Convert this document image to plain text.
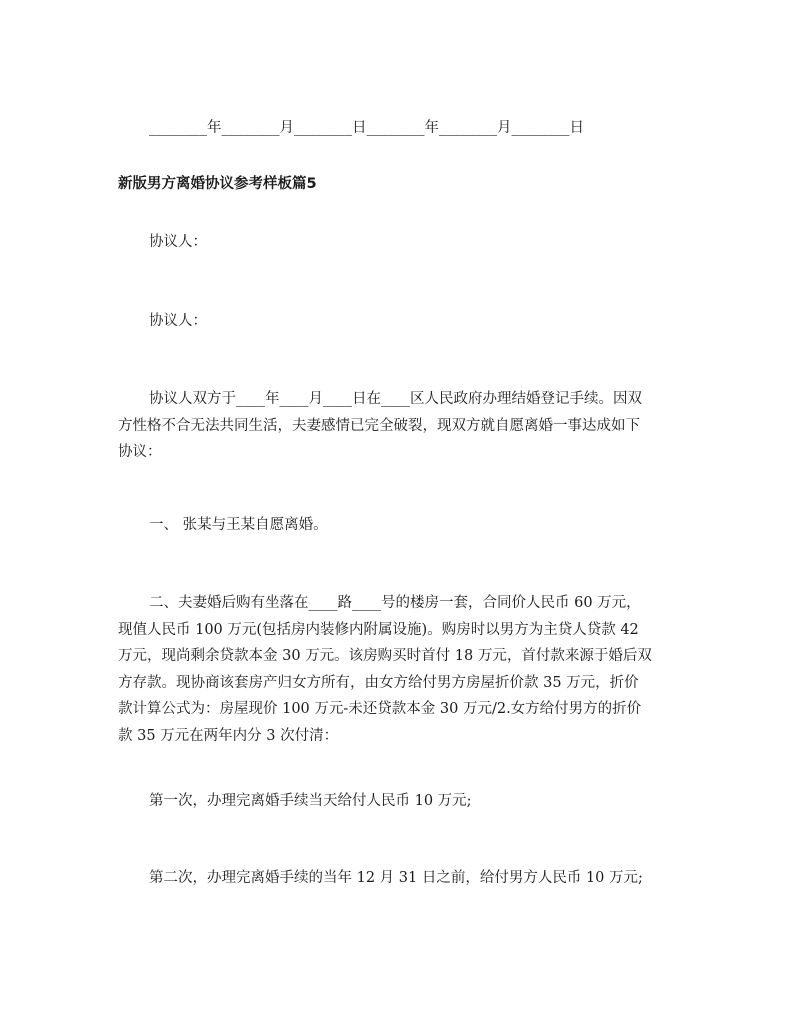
________年________月________日________年________月________日
新版男方离婚协议参考样板篇5
协议人：
协议人：
协议人双方于____年____月____日在____区人民政府办理结婚登记手续。因双
方性格不合无法共同生活，夫妻感情已完全破裂，现双方就自愿离婚一事达成如下
协议：
一、 张某与王某自愿离婚。
二、夫妻婚后购有坐落在____路____号的楼房一套，合同价人民币 60 万元，
现值人民币 100 万元(包括房内装修内附属设施)。购房时以男方为主贷人贷款 42
万元，现尚剩余贷款本金 30 万元。该房购买时首付 18 万元，首付款来源于婚后双
方存款。现协商该套房产归女方所有，由女方给付男方房屋折价款 35 万元，折价
款计算公式为：房屋现价 100 万元-未还贷款本金 30 万元/2.女方给付男方的折价
款 35 万元在两年内分 3 次付清：
第一次，办理完离婚手续当天给付人民币 10 万元;
第二次，办理完离婚手续的当年 12 月 31 日之前，给付男方人民币 10 万元;
